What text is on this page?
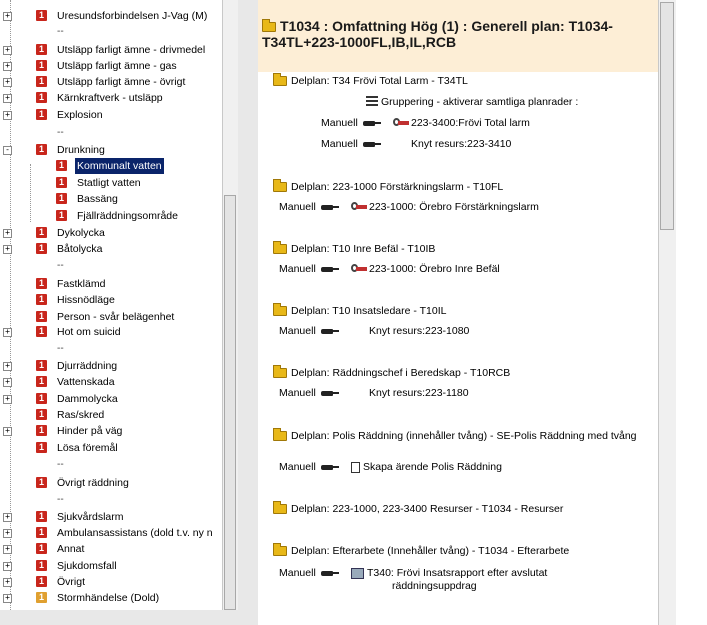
+	1 Uresundsforbindelsen J-Vag (M)
--
+	1 Utsläpp farligt ämne - drivmedel
+	1 Utsläpp farligt ämne - gas
+	1 Utsläpp farligt ämne - övrigt
+	1 Kärnkraftverk - utsläpp
+	1 Explosion
--
-	1 Drunkning
1 Kommunalt vatten
1 Statligt vatten
1 Bassäng
1 Fjällräddningsområde
+	1 Dykolycka
+	1 Båtolycka
--
1 Fastklämd
1 Hissnödläge
1 Person - svår belägenhet
+	1 Hot om suicid
--
+	1 Djurräddning
+	1 Vattenskada
+	1 Dammolycka
1 Ras/skred
+	1 Hinder på väg
1 Lösa föremål
--
1 Övrigt räddning
--
+	1 Sjukvårdslarm
+	1 Ambulansassistans (dold t.v. ny n
+	1 Annat
+	1 Sjukdomsfall
+	1 Övrigt
+	1 Stormhändelse (Dold)
T1034 : Omfattning Hög (1) : Generell plan: T1034-T34TL+223-1000FL,IB,IL,RCB
Delplan: T34 Frövi Total Larm - T34TL
Gruppering - aktiverar samtliga planrader :
Manuell	223-3400:Frövi Total larm
Manuell	Knyt resurs:223-3410
Delplan: 223-1000 Förstärkningslarm - T10FL
Manuell	223-1000: Örebro Förstärkningslarm
Delplan: T10 Inre Befäl - T10IB
Manuell	223-1000: Örebro Inre Befäl
Delplan: T10 Insatsledare - T10IL
Manuell	Knyt resurs:223-1080
Delplan: Räddningschef i Beredskap - T10RCB
Manuell	Knyt resurs:223-1180
Delplan: Polis Räddning (innehåller tvång) - SE-Polis Räddning med tvång
Manuell	Skapa ärende Polis Räddning
Delplan: 223-1000, 223-3400 Resurser - T1034 - Resurser
Delplan: Efterarbete (Innehåller tvång) - T1034 - Efterarbete
Manuell	T340: Frövi Insatsrapport efter avslutat
räddningsuppdrag
